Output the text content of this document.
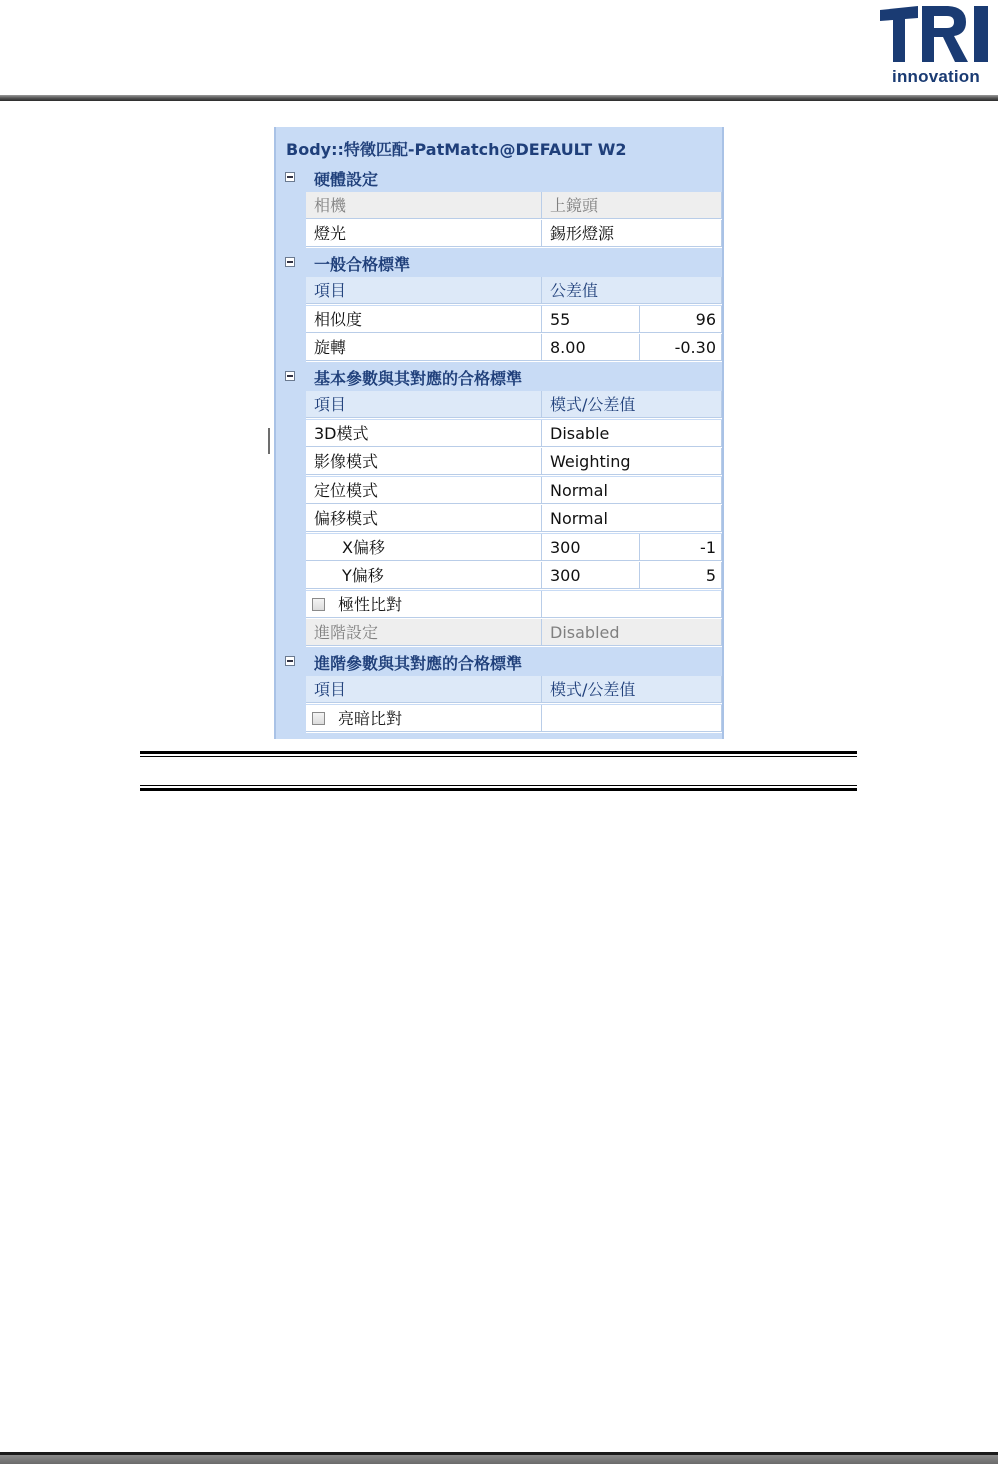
innovation
Body::特徵匹配-PatMatch@DEFAULT W2
硬體設定
相機	上鏡頭
燈光	錫形燈源
一般合格標準
項目	公差值
相似度	55	96
旋轉	8.00	-0.30
基本參數與其對應的合格標準
項目	模式/公差值
3D模式	Disable
影像模式	Weighting
定位模式	Normal
偏移模式	Normal
X偏移	300	-1
Y偏移	300	5
極性比對
進階設定	Disabled
進階參數與其對應的合格標準
項目	模式/公差值
亮暗比對
